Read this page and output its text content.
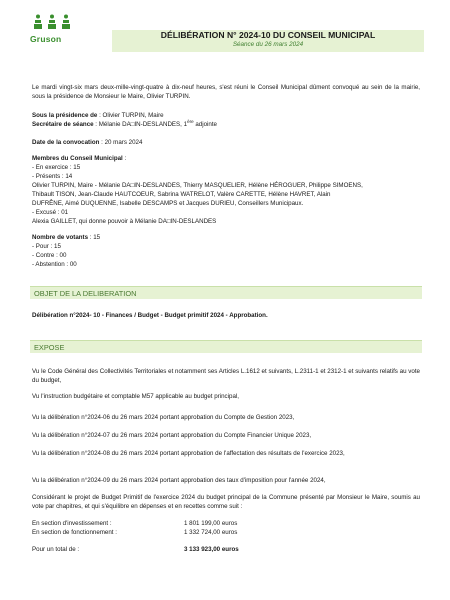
Gruson	DÉLIBÉRATION N° 2024-10 DU CONSEIL MUNICIPAL
Séance du 26 mars 2024
Le mardi vingt-six mars deux-mille-vingt-quatre à dix-neuf heures, s'est réuni le Conseil Municipal dûment convoqué au sein de la mairie, sous la présidence de Monsieur le Maire, Olivier TURPIN.
Sous la présidence de : Olivier TURPIN, Maire
Secrétaire de séance : Mélanie DA□IN-DESLANDES, 1ère adjointe
Date de la convocation : 20 mars 2024
Membres du Conseil Municipal :
- En exercice : 15
- Présents : 14
Olivier TURPIN, Maire - Mélanie DA□IN-DESLANDES, Thierry MASQUELIER, Hélène HÉROGUER, Philippe SIMOENS,
Thibault TISON, Jean-Claude HAUTCOEUR, Sabrina WATRELOT, Valère CARETTE, Hélène HAVRET, Alain
DUFRÊNE, Aimé DUQUENNE, Isabelle DESCAMPS et Jacques DURIEU, Conseillers Municipaux.
- Excusé : 01
Alexia GAILLET, qui donne pouvoir à Mélanie DA□IN-DESLANDES
Nombre de votants : 15
- Pour : 15
- Contre : 00
- Abstention : 00
OBJET DE LA DELIBERATION
Délibération n°2024- 10 - Finances / Budget - Budget primitif 2024 - Approbation.
EXPOSE
Vu le Code Général des Collectivités Territoriales et notamment ses Articles L.1612 et suivants, L.2311-1 et 2312-1 et suivants relatifs au vote du budget,
Vu l'instruction budgétaire et comptable M57 applicable au budget principal,
Vu la délibération n°2024-06 du 26 mars 2024 portant approbation du Compte de Gestion 2023,
Vu la délibération n°2024-07 du 26 mars 2024 portant approbation du Compte Financier Unique 2023,
Vu la délibération n°2024-08 du 26 mars 2024 portant approbation de l'affectation des résultats de l'exercice 2023,
Vu la délibération n°2024-09 du 26 mars 2024 portant approbation des taux d'imposition pour l'année 2024,
Considérant le projet de Budget Primitif de l'exercice 2024 du budget principal de la Commune présenté par Monsieur le Maire, soumis au vote par chapitres, et qui s'équilibre en dépenses et en recettes comme suit :
En section d'investissement :	1 801 199,00 euros
En section de fonctionnement :	1 332 724,00 euros
Pour un total de :	3 133 923,00 euros
